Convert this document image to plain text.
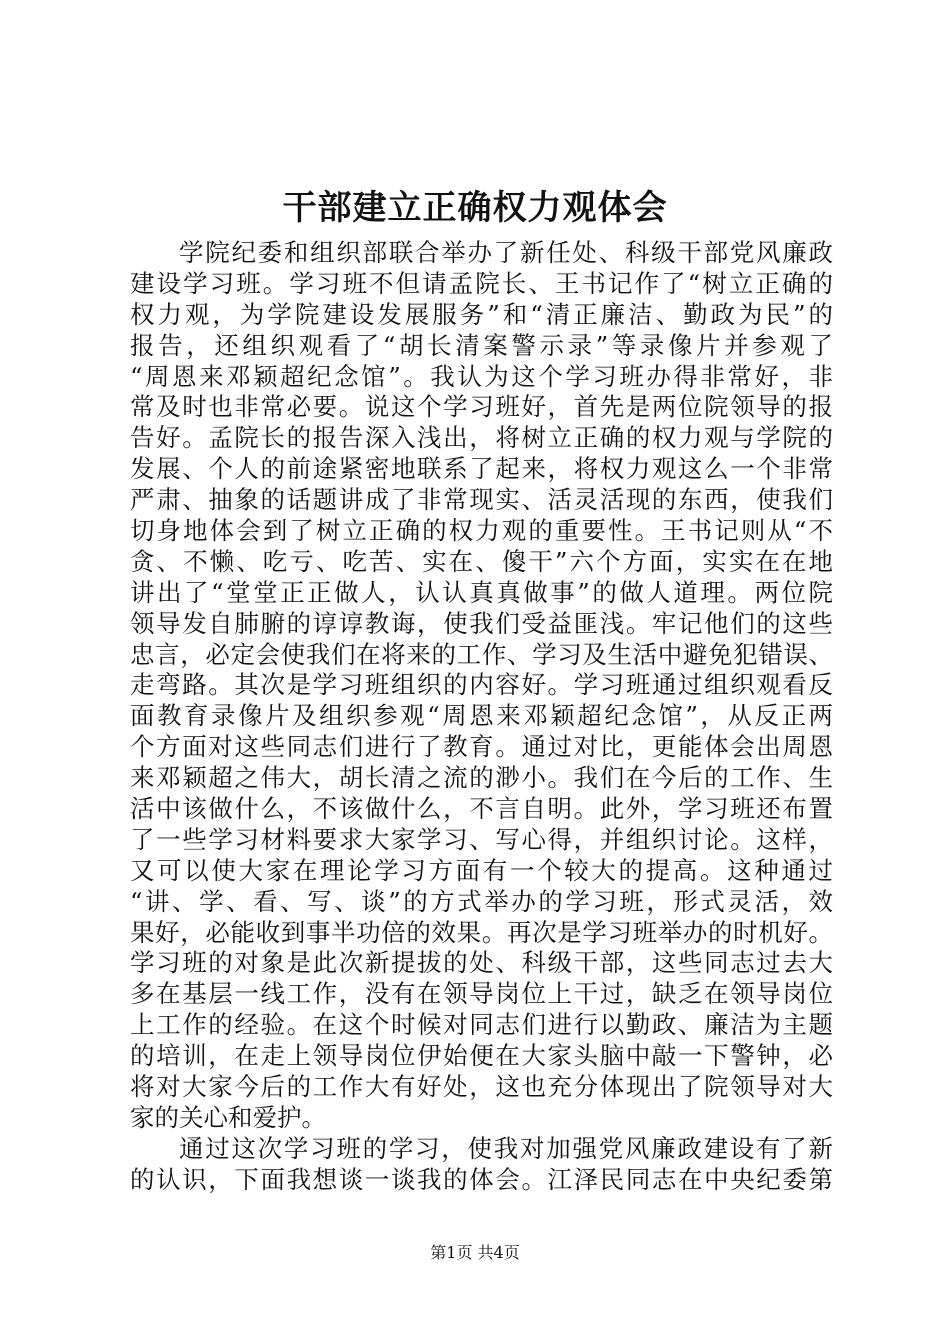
干部建立正确权力观体会
学院纪委和组织部联合举办了新任处、科级干部党风廉政
建设学习班。学习班不但请孟院长、王书记作了“树立正确的
权力观，为学院建设发展服务”和“清正廉洁、勤政为民”的
报告，还组织观看了“胡长清案警示录”等录像片并参观了
“周恩来邓颖超纪念馆”。我认为这个学习班办得非常好，非
常及时也非常必要。说这个学习班好，首先是两位院领导的报
告好。孟院长的报告深入浅出，将树立正确的权力观与学院的
发展、个人的前途紧密地联系了起来，将权力观这么一个非常
严肃、抽象的话题讲成了非常现实、活灵活现的东西，使我们
切身地体会到了树立正确的权力观的重要性。王书记则从“不
贪、不懒、吃亏、吃苦、实在、傻干”六个方面，实实在在地
讲出了“堂堂正正做人，认认真真做事”的做人道理。两位院
领导发自肺腑的谆谆教诲，使我们受益匪浅。牢记他们的这些
忠言，必定会使我们在将来的工作、学习及生活中避免犯错误、
走弯路。其次是学习班组织的内容好。学习班通过组织观看反
面教育录像片及组织参观“周恩来邓颖超纪念馆”，从反正两
个方面对这些同志们进行了教育。通过对比，更能体会出周恩
来邓颖超之伟大，胡长清之流的渺小。我们在今后的工作、生
活中该做什么，不该做什么，不言自明。此外，学习班还布置
了一些学习材料要求大家学习、写心得，并组织讨论。这样，
又可以使大家在理论学习方面有一个较大的提高。这种通过
“讲、学、看、写、谈”的方式举办的学习班，形式灵活，效
果好，必能收到事半功倍的效果。再次是学习班举办的时机好。
学习班的对象是此次新提拔的处、科级干部，这些同志过去大
多在基层一线工作，没有在领导岗位上干过，缺乏在领导岗位
上工作的经验。在这个时候对同志们进行以勤政、廉洁为主题
的培训，在走上领导岗位伊始便在大家头脑中敲一下警钟，必
将对大家今后的工作大有好处，这也充分体现出了院领导对大
家的关心和爱护。
通过这次学习班的学习，使我对加强党风廉政建设有了新
的认识，下面我想谈一谈我的体会。江泽民同志在中央纪委第
第1页 共4页
